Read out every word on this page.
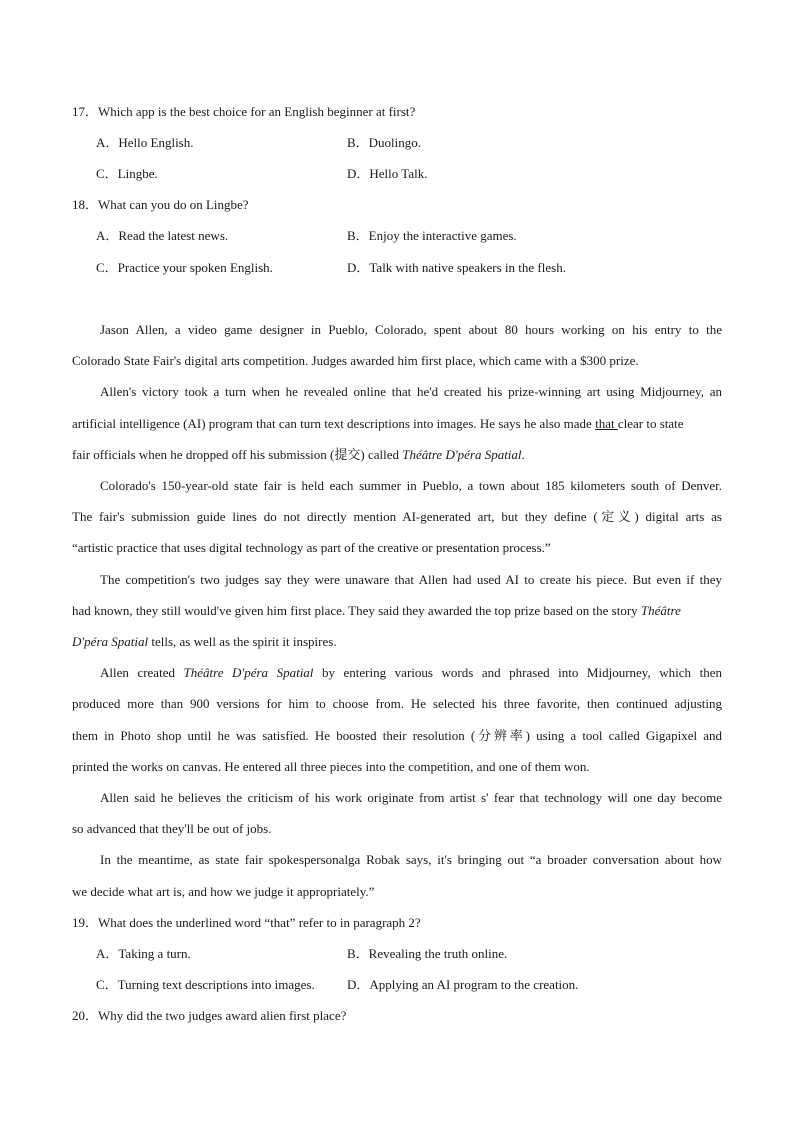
17．Which app is the best choice for an English beginner at first?
A．Hello English.	B．Duolingo.
C．Lingbe.	D．Hello Talk.
18．What can you do on Lingbe?
A．Read the latest news.	B．Enjoy the interactive games.
C．Practice your spoken English.	D．Talk with native speakers in the flesh.
Jason Allen, a video game designer in Pueblo, Colorado, spent about 80 hours working on his entry to the
Colorado State Fair's digital arts competition. Judges awarded him first place, which came with a $300 prize.
Allen's victory took a turn when he revealed online that he'd created his prize-winning art using Midjourney, an
artificial intelligence (AI) program that can turn text descriptions into images. He says he also made that clear to state
fair officials when he dropped off his submission (提交) called Théâtre D'péra Spatial.
Colorado's 150-year-old state fair is held each summer in Pueblo, a town about 185 kilometers south of Denver.
The fair's submission guide lines do not directly mention AI-generated art, but they define (定义) digital arts as
“artistic practice that uses digital technology as part of the creative or presentation process.”
The competition's two judges say they were unaware that Allen had used AI to create his piece. But even if they
had known, they still would've given him first place. They said they awarded the top prize based on the story Théâtre
D'péra Spatial tells, as well as the spirit it inspires.
Allen created Théâtre D'péra Spatial by entering various words and phrased into Midjourney, which then
produced more than 900 versions for him to choose from. He selected his three favorite, then continued adjusting
them in Photo shop until he was satisfied. He boosted their resolution (分辨率) using a tool called Gigapixel and
printed the works on canvas. He entered all three pieces into the competition, and one of them won.
Allen said he believes the criticism of his work originate from artist s' fear that technology will one day become
so advanced that they'll be out of jobs.
In the meantime, as state fair spokespersonalga Robak says, it's bringing out “a broader conversation about how
we decide what art is, and how we judge it appropriately.”
19．What does the underlined word “that” refer to in paragraph 2?
A．Taking a turn.	B．Revealing the truth online.
C．Turning text descriptions into images. D．Applying an AI program to the creation.
20．Why did the two judges award alien first place?
